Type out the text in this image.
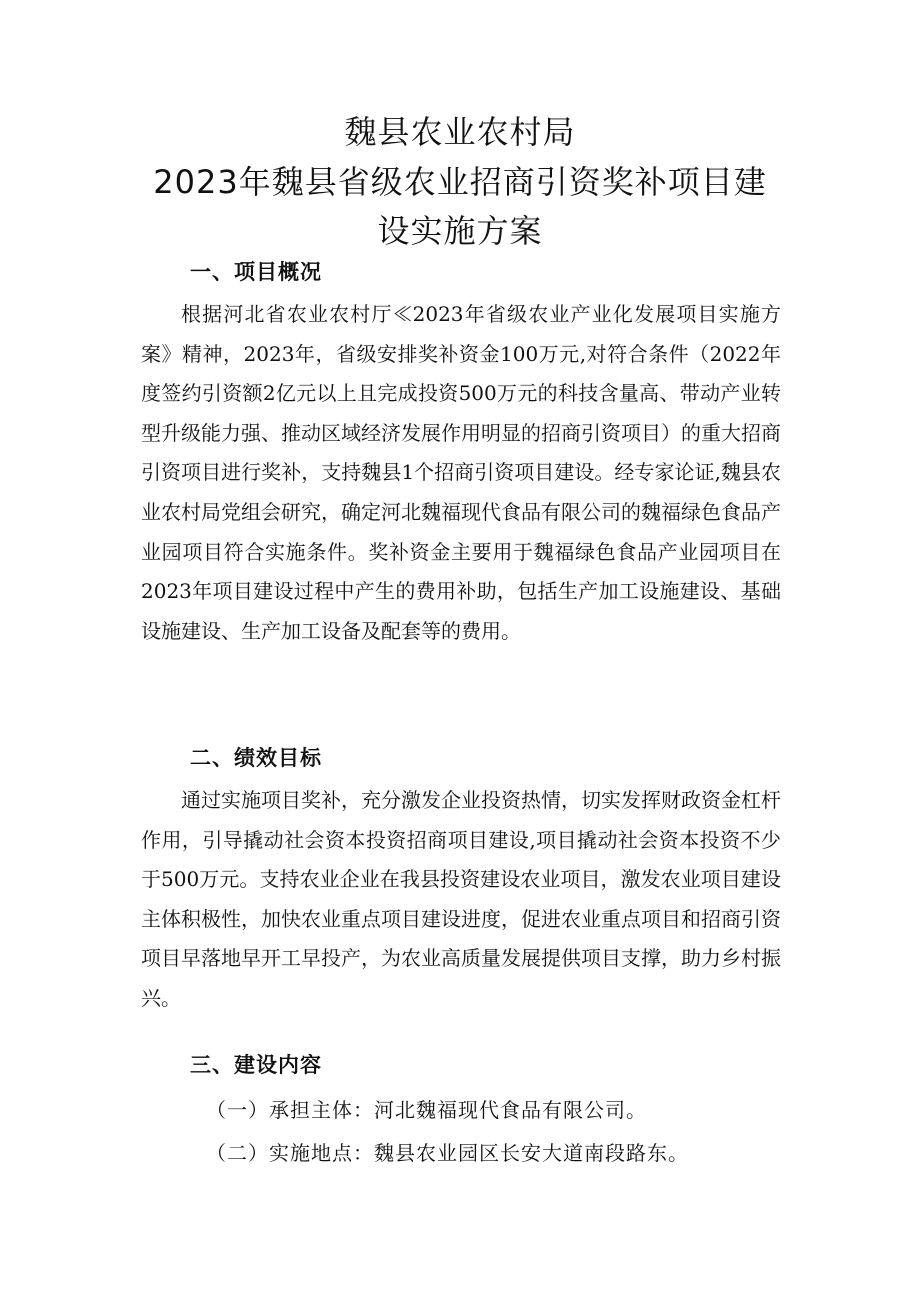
魏县农业农村局
2023年魏县省级农业招商引资奖补项目建
设实施方案
一、项目概况

根据河北省农业农村厅≪2023年省级农业产业化发展项目实施方案》精神，2023年，省级安排奖补资金100万元,对符合条件（2022年度签约引资额2亿元以上且完成投资500万元的科技含量高、带动产业转型升级能力强、推动区域经济发展作用明显的招商引资项目）的重大招商引资项目进行奖补，支持魏县1个招商引资项目建设。经专家论证,魏县农业农村局党组会研究，确定河北魏福现代食品有限公司的魏福绿色食品产业园项目符合实施条件。奖补资金主要用于魏福绿色食品产业园项目在2023年项目建设过程中产生的费用补助，包括生产加工设施建设、基础设施建设、生产加工设备及配套等的费用。

二、绩效目标

通过实施项目奖补，充分激发企业投资热情，切实发挥财政资金杠杆作用，引导撬动社会资本投资招商项目建设,项目撬动社会资本投资不少于500万元。支持农业企业在我县投资建设农业项目，激发农业项目建设主体积极性，加快农业重点项目建设进度，促进农业重点项目和招商引资项目早落地早开工早投产，为农业高质量发展提供项目支撑，助力乡村振兴。

三、建设内容
（一）承担主体：河北魏福现代食品有限公司。
（二）实施地点：魏县农业园区长安大道南段路东。
